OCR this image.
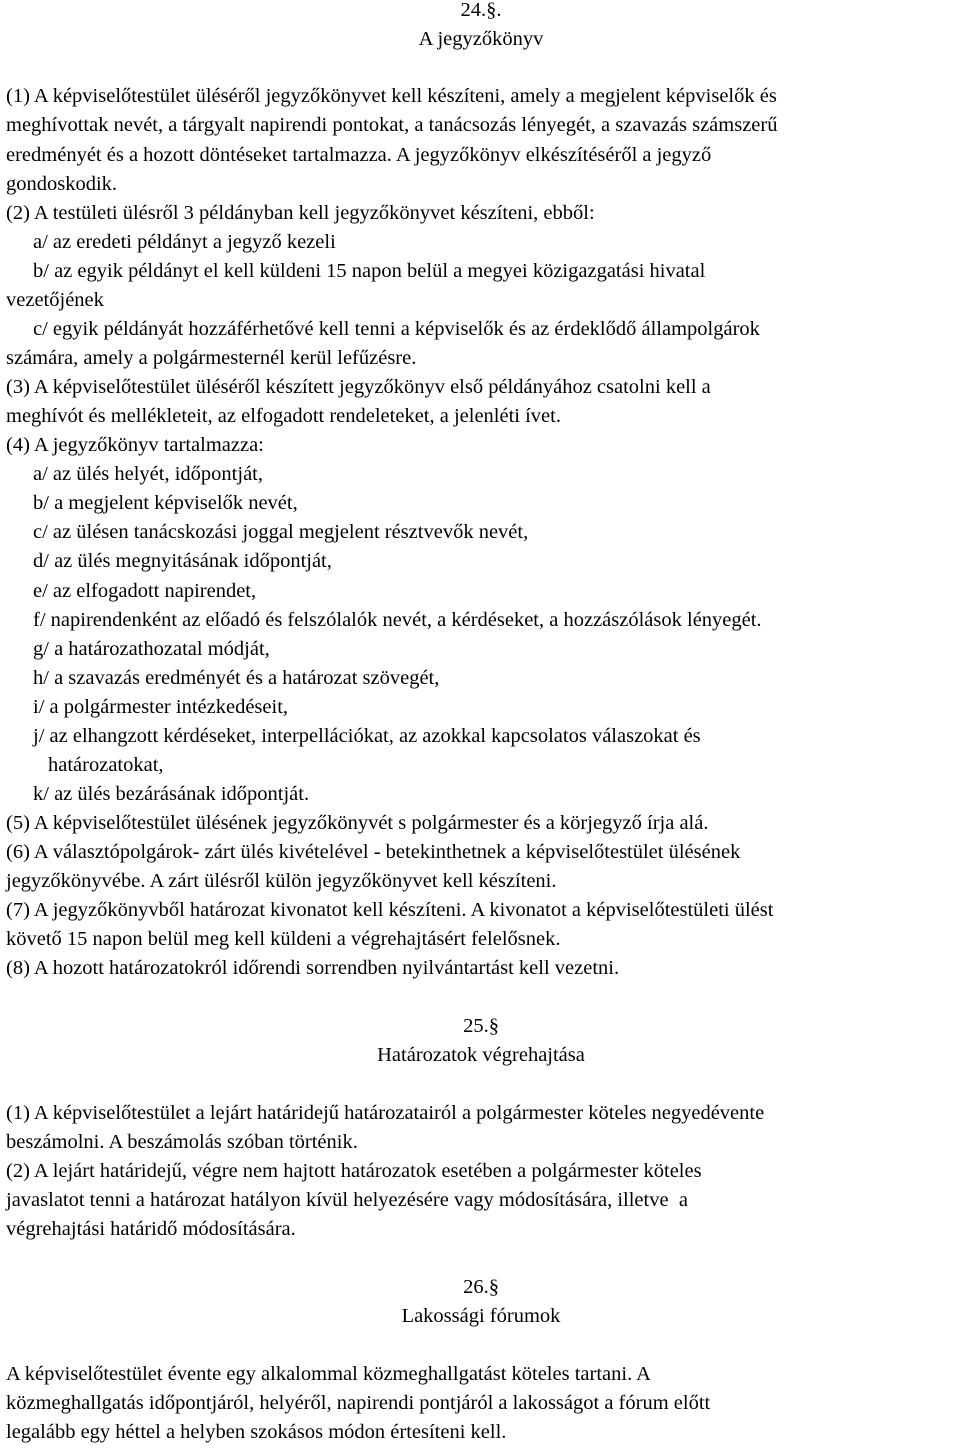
24.§.
A jegyzőkönyv
(1) A képviselőtestület üléséről jegyzőkönyvet kell készíteni, amely a megjelent képviselők és
meghívottak nevét, a tárgyalt napirendi pontokat, a tanácsozás lényegét, a szavazás számszerű
eredményét és a hozott döntéseket tartalmazza. A jegyzőkönyv elkészítéséről a jegyző
gondoskodik.
(2) A testületi ülésről 3 példányban kell jegyzőkönyvet készíteni, ebből:
a/ az eredeti példányt a jegyző kezeli
b/ az egyik példányt el kell küldeni 15 napon belül a megyei közigazgatási hivatal
vezetőjének
c/ egyik példányát hozzáférhetővé kell tenni a képviselők és az érdeklődő állampolgárok
számára, amely a polgármesternél kerül lefűzésre.
(3) A képviselőtestület üléséről készített jegyzőkönyv első példányához csatolni kell a
meghívót és mellékleteit, az elfogadott rendeleteket, a jelenléti ívet.
(4) A jegyzőkönyv tartalmazza:
a/ az ülés helyét, időpontját,
b/ a megjelent képviselők nevét,
c/ az ülésen tanácskozási joggal megjelent résztvevők nevét,
d/ az ülés megnyitásának időpontját,
e/ az elfogadott napirendet,
f/ napirendenként az előadó és felszólalók nevét, a kérdéseket, a hozzászólások lényegét.
g/ a határozathozatal módját,
h/ a szavazás eredményét és a határozat szövegét,
i/ a polgármester intézkedéseit,
j/ az elhangzott kérdéseket, interpellációkat, az azokkal kapcsolatos válaszokat és
határozatokat,
k/ az ülés bezárásának időpontját.
(5) A képviselőtestület ülésének jegyzőkönyvét s polgármester és a körjegyző írja alá.
(6) A választópolgárok- zárt ülés kivételével - betekinthetnek a képviselőtestület ülésének
jegyzőkönyvébe. A zárt ülésről külön jegyzőkönyvet kell készíteni.
(7) A jegyzőkönyvből határozat kivonatot kell készíteni. A kivonatot a képviselőtestületi ülést
követő 15 napon belül meg kell küldeni a végrehajtásért felelősnek.
(8) A hozott határozatokról időrendi sorrendben nyilvántartást kell vezetni.
25.§
Határozatok végrehajtása
(1) A képviselőtestület a lejárt határidejű határozatairól a polgármester köteles negyedévente
beszámolni. A beszámolás szóban történik.
(2) A lejárt határidejű, végre nem hajtott határozatok esetében a polgármester köteles
javaslatot tenni a határozat hatályon kívül helyezésére vagy módosítására, illetve  a
végrehajtási határidő módosítására.
26.§
Lakossági fórumok
A képviselőtestület évente egy alkalommal közmeghallgatást köteles tartani. A
közmeghallgatás időpontjáról, helyéről, napirendi pontjáról a lakosságot a fórum előtt
legalább egy héttel a helyben szokásos módon értesíteni kell.
